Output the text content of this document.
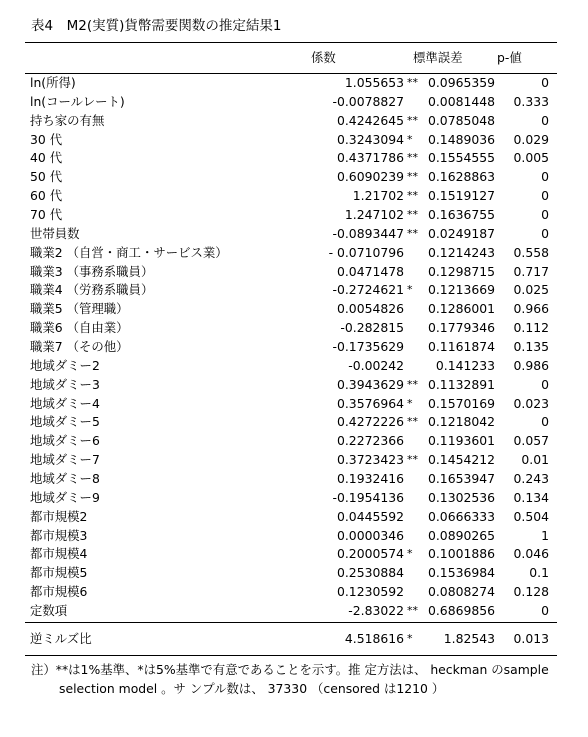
表4　M2(実質)貨幣需要関数の推定結果1
係数	標準誤差	p-値
ln(所得)	1.055653 ** 0.0965359	0
ln(コールレート)	-0.0078827 0.0081448 0.333
持ち家の有無	0.4242645 ** 0.0785048	0
30 代	0.3243094 * 0.1489036 0.029
40 代	0.4371786 ** 0.1554555 0.005
50 代	0.6090239 ** 0.1628863	0
60 代	1.21702 ** 0.1519127	0
70 代	1.247102 ** 0.1636755	0
世帯員数	-0.0893447 ** 0.0249187	0
職業2 （自営・商工・サービス業）	- 0.0710796 0.1214243 0.558
職業3 （事務系職員）	0.0471478 0.1298715 0.717
職業4 （労務系職員）	-0.2724621 * 0.1213669 0.025
職業5 （管理職）	0.0054826 0.1286001 0.966
職業6 （自由業）	-0.282815 0.1779346 0.112
職業7 （その他）	-0.1735629 0.1161874 0.135
地域ダミー2	-0.00242	0.141233 0.986
地域ダミー3	0.3943629 ** 0.1132891	0
地域ダミー4	0.3576964 * 0.1570169 0.023
地域ダミー5	0.4272226 ** 0.1218042	0
地域ダミー6	0.2272366 0.1193601 0.057
地域ダミー7	0.3723423 ** 0.1454212 0.01
地域ダミー8	0.1932416 0.1653947 0.243
地域ダミー9	-0.1954136 0.1302536 0.134
都市規模2	0.0445592 0.0666333 0.504
都市規模3	0.0000346 0.0890265	1
都市規模4	0.2000574 * 0.1001886 0.046
都市規模5	0.2530884 0.1536984	0.1
都市規模6	0.1230592 0.0808274 0.128
定数項	-2.83022 ** 0.6869856	0
逆ミルズ比	4.518616 *	1.82543 0.013
注）**は1%基準、*は5%基準で有意であることを示す。推 定方法は、 heckman のsample
selection model 。サ ンプル数は、 37330 （censored は1210 ）
